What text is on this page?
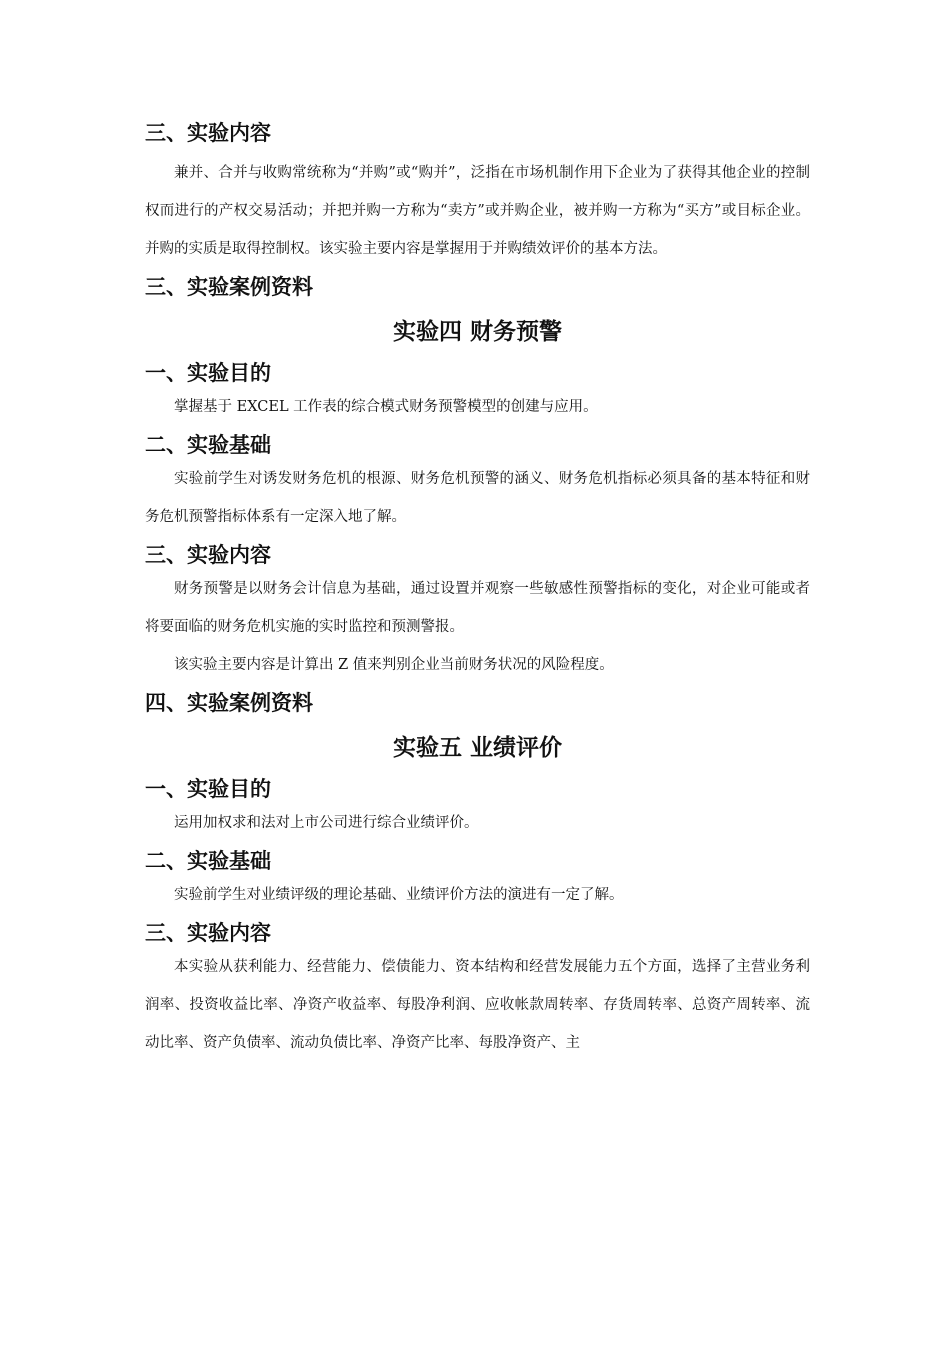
三、实验内容

兼并、合并与收购常统称为“并购”或“购并”，泛指在市场机制作用下企业为了获得其他企业的控制权而进行的产权交易活动；并把并购一方称为“卖方”或并购企业，被并购一方称为“买方”或目标企业。并购的实质是取得控制权。该实验主要内容是掌握用于并购绩效评价的基本方法。

三、实验案例资料
实验四 财务预警
一、实验目的

掌握基于 EXCEL 工作表的综合模式财务预警模型的创建与应用。

二、实验基础

实验前学生对诱发财务危机的根源、财务危机预警的涵义、财务危机指标必须具备的基本特征和财务危机预警指标体系有一定深入地了解。

三、实验内容

财务预警是以财务会计信息为基础，通过设置并观察一些敏感性预警指标的变化，对企业可能或者将要面临的财务危机实施的实时监控和预测警报。

该实验主要内容是计算出 Z 值来判别企业当前财务状况的风险程度。

四、实验案例资料
实验五 业绩评价
一、实验目的

运用加权求和法对上市公司进行综合业绩评价。

二、实验基础

实验前学生对业绩评级的理论基础、业绩评价方法的演进有一定了解。

三、实验内容

本实验从获利能力、经营能力、偿债能力、资本结构和经营发展能力五个方面，选择了主营业务利润率、投资收益比率、净资产收益率、每股净利润、应收帐款周转率、存货周转率、总资产周转率、流动比率、资产负债率、流动负债比率、净资产比率、每股净资产、主
